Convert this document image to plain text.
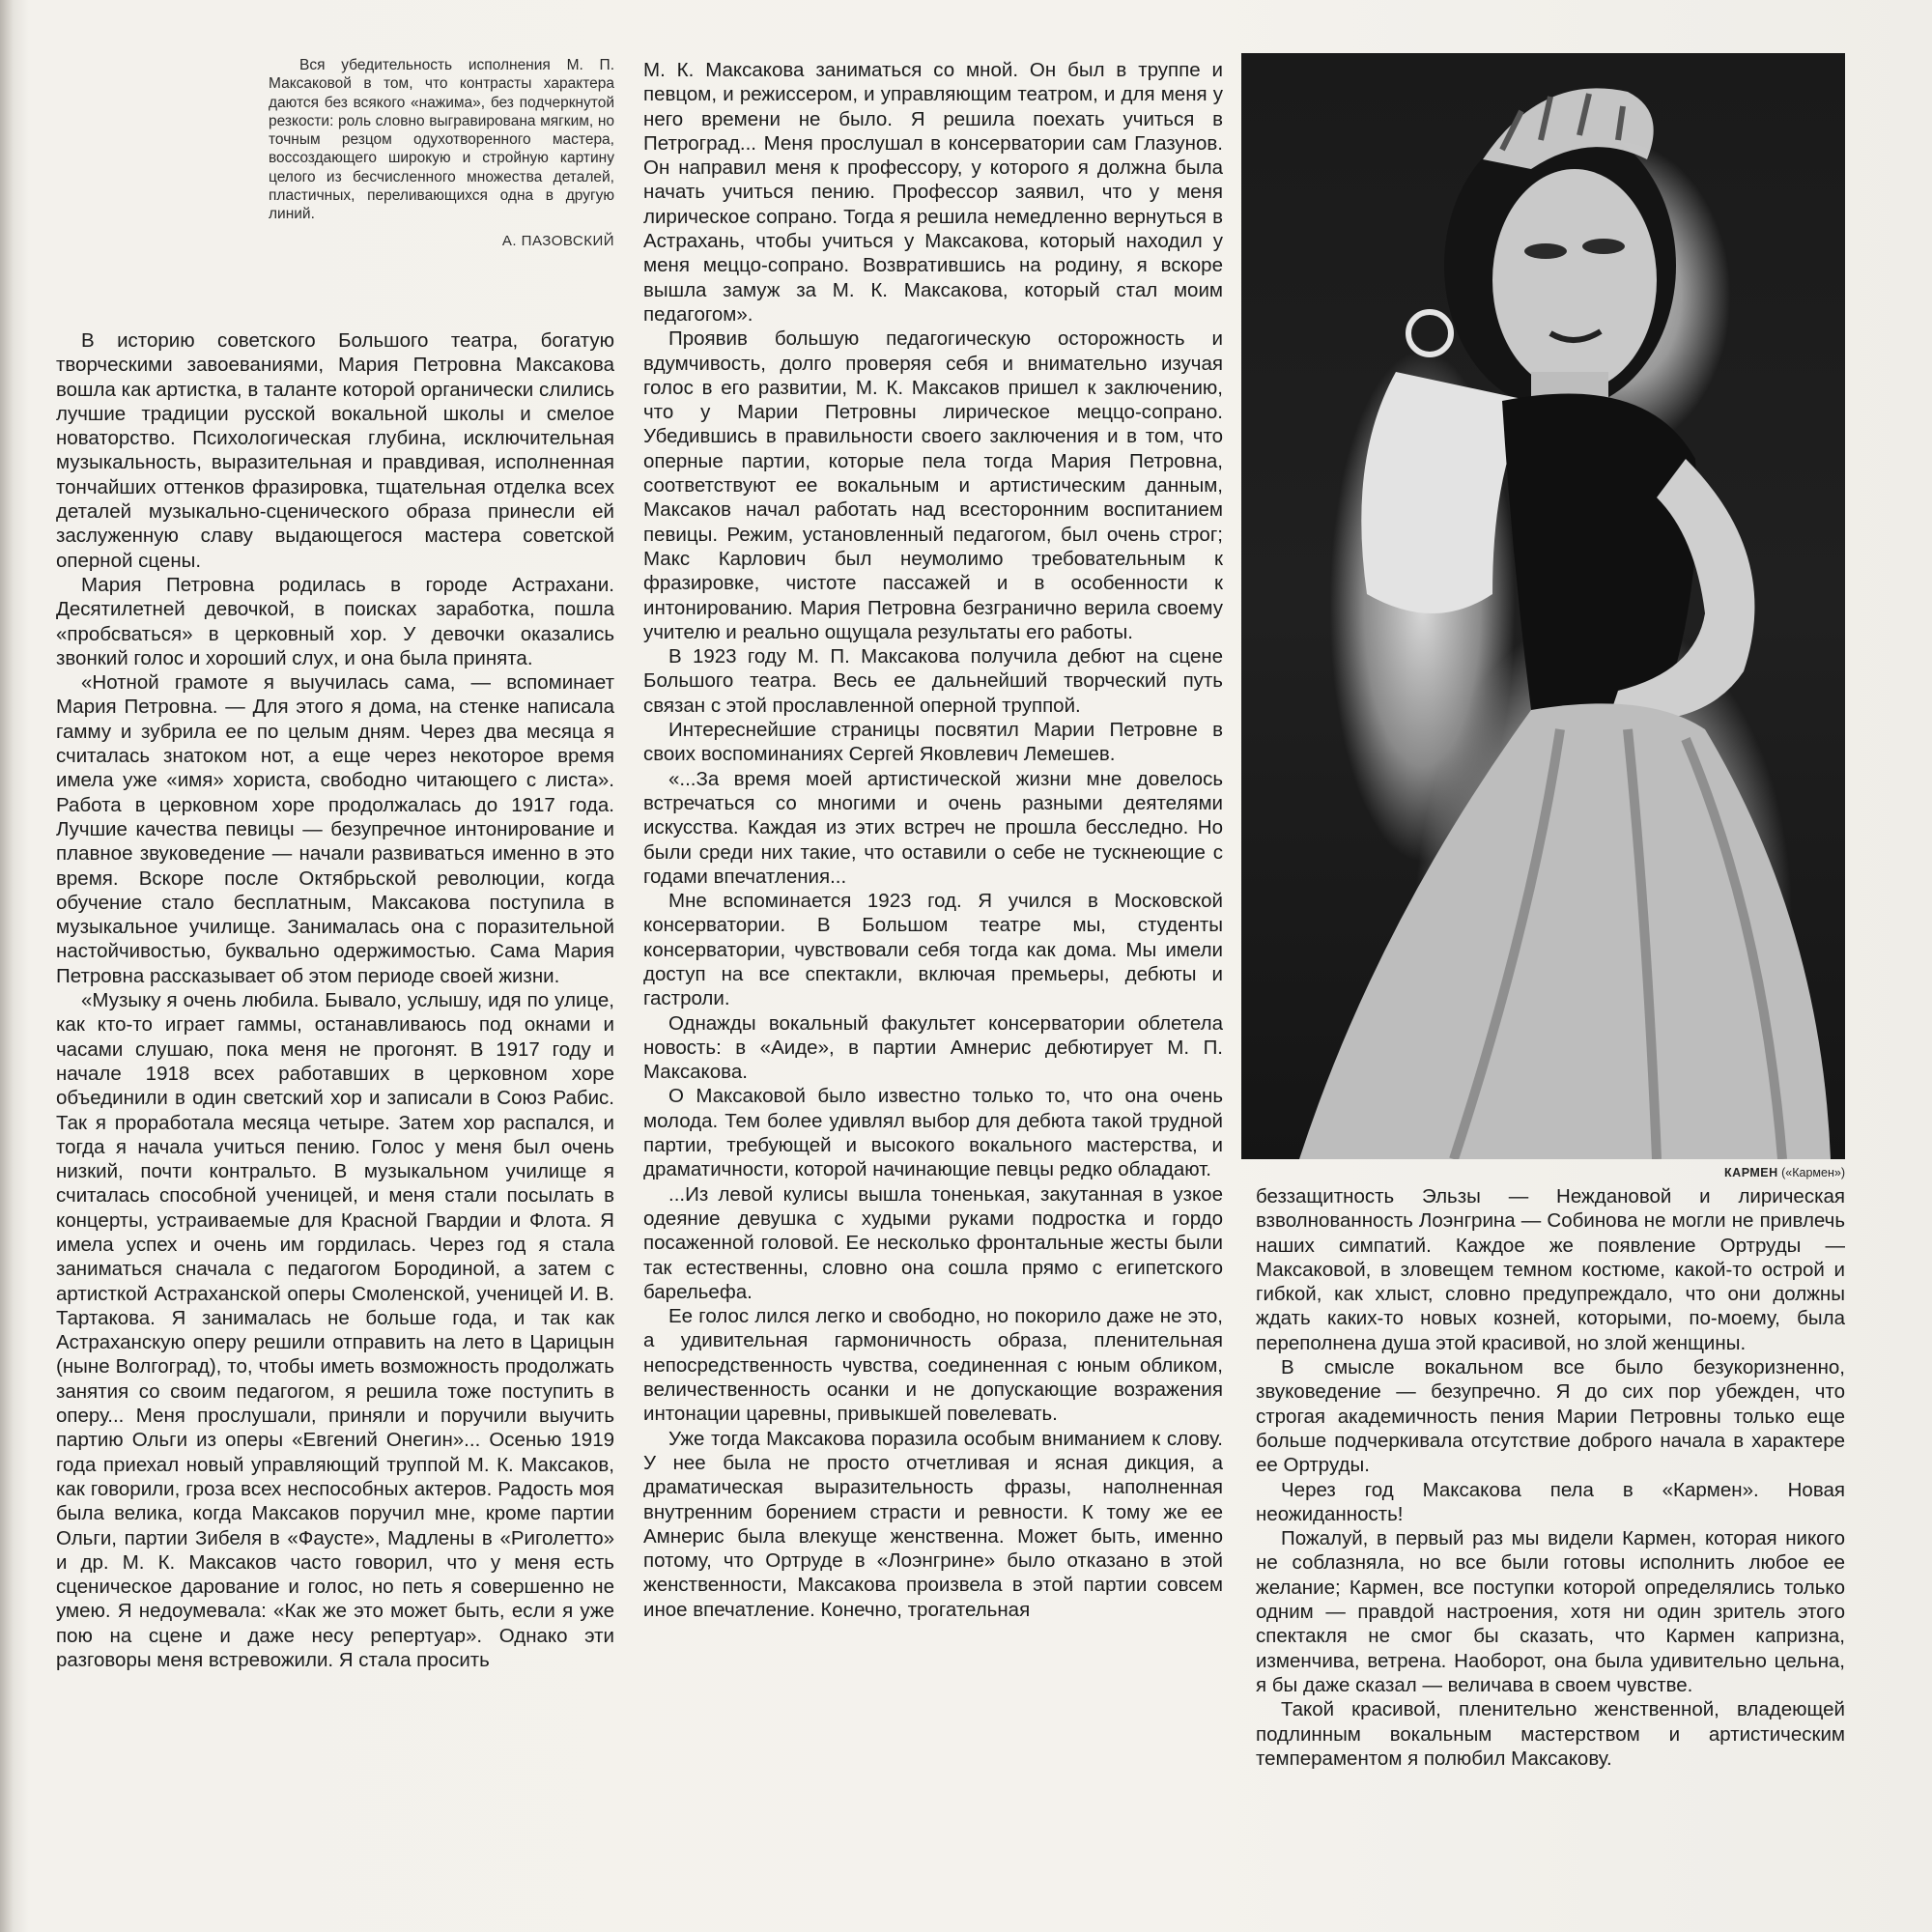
Вся убедительность исполнения М. П. Максаковой в том, что контрасты характера даются без всякого «нажима», без подчеркнутой резкости: роль словно выгравирована мягким, но точным резцом одухотворенного мастера, воссоздающего широкую и стройную картину целого из бесчисленного множества деталей, пластичных, переливающихся одна в другую линий.

А. ПАЗОВСКИЙ

В историю советского Большого театра, богатую творческими завоеваниями, Мария Петровна Максакова вошла как артистка, в таланте которой органически слились лучшие традиции русской вокальной школы и смелое новаторство. Психологическая глубина, исключительная музыкальность, выразительная и правдивая, исполненная тончайших оттенков фразировка, тщательная отделка всех деталей музыкально-сценического образа принесли ей заслуженную славу выдающегося мастера советской оперной сцены.

Мария Петровна родилась в городе Астрахани. Десятилетней девочкой, в поисках заработка, пошла «пробсваться» в церковный хор. У девочки оказались звонкий голос и хороший слух, и она была принята.

«Нотной грамоте я выучилась сама, — вспоминает Мария Петровна. — Для этого я дома, на стенке написала гамму и зубрила ее по целым дням. Через два месяца я считалась знатоком нот, а еще через некоторое время имела уже «имя» хориста, свободно читающего с листа». Работа в церковном хоре продолжалась до 1917 года. Лучшие качества певицы — безупречное интонирование и плавное звуковедение — начали развиваться именно в это время. Вскоре после Октябрьской революции, когда обучение стало бесплатным, Максакова поступила в музыкальное училище. Занималась она с поразительной настойчивостью, буквально одержимостью. Сама Мария Петровна рассказывает об этом периоде своей жизни.

«Музыку я очень любила. Бывало, услышу, идя по улице, как кто-то играет гаммы, останавливаюсь под окнами и часами слушаю, пока меня не прогонят. В 1917 году и начале 1918 всех работавших в церковном хоре объединили в один светский хор и записали в Союз Рабис. Так я проработала месяца четыре. Затем хор распался, и тогда я начала учиться пению. Голос у меня был очень низкий, почти контральто. В музыкальном училище я считалась способной ученицей, и меня стали посылать в концерты, устраиваемые для Красной Гвардии и Флота. Я имела успех и очень им гордилась. Через год я стала заниматься сначала с педагогом Бородиной, а затем с артисткой Астраханской оперы Смоленской, ученицей И. В. Тартакова. Я занималась не больше года, и так как Астраханскую оперу решили отправить на лето в Царицын (ныне Волгоград), то, чтобы иметь возможность продолжать занятия со своим педагогом, я решила тоже поступить в оперу... Меня прослушали, приняли и поручили выучить партию Ольги из оперы «Евгений Онегин»... Осенью 1919 года приехал новый управляющий труппой М. К. Максаков, как говорили, гроза всех неспособных актеров. Радость моя была велика, когда Максаков поручил мне, кроме партии Ольги, партии Зибеля в «Фаусте», Мадлены в «Риголетто» и др. М. К. Максаков часто говорил, что у меня есть сценическое дарование и голос, но петь я совершенно не умею. Я недоумевала: «Как же это может быть, если я уже пою на сцене и даже несу репертуар». Однако эти разговоры меня встревожили. Я стала просить

М. К. Максакова заниматься со мной. Он был в труппе и певцом, и режиссером, и управляющим театром, и для меня у него времени не было. Я решила поехать учиться в Петроград... Меня прослушал в консерватории сам Глазунов. Он направил меня к профессору, у которого я должна была начать учиться пению. Профессор заявил, что у меня лирическое сопрано. Тогда я решила немедленно вернуться в Астрахань, чтобы учиться у Максакова, который находил у меня меццо-сопрано. Возвратившись на родину, я вскоре вышла замуж за М. К. Максакова, который стал моим педагогом».

Проявив большую педагогическую осторожность и вдумчивость, долго проверяя себя и внимательно изучая голос в его развитии, М. К. Максаков пришел к заключению, что у Марии Петровны лирическое меццо-сопрано. Убедившись в правильности своего заключения и в том, что оперные партии, которые пела тогда Мария Петровна, соответствуют ее вокальным и артистическим данным, Максаков начал работать над всесторонним воспитанием певицы. Режим, установленный педагогом, был очень строг; Макс Карлович был неумолимо требовательным к фразировке, чистоте пассажей и в особенности к интонированию. Мария Петровна безгранично верила своему учителю и реально ощущала результаты его работы.

В 1923 году М. П. Максакова получила дебют на сцене Большого театра. Весь ее дальнейший творческий путь связан с этой прославленной оперной труппой.

Интереснейшие страницы посвятил Марии Петровне в своих воспоминаниях Сергей Яковлевич Лемешев.

«...За время моей артистической жизни мне довелось встречаться со многими и очень разными деятелями искусства. Каждая из этих встреч не прошла бесследно. Но были среди них такие, что оставили о себе не тускнеющие с годами впечатления...

Мне вспоминается 1923 год. Я учился в Московской консерватории. В Большом театре мы, студенты консерватории, чувствовали себя тогда как дома. Мы имели доступ на все спектакли, включая премьеры, дебюты и гастроли.

Однажды вокальный факультет консерватории облетела новость: в «Аиде», в партии Амнерис дебютирует М. П. Максакова.

О Максаковой было известно только то, что она очень молода. Тем более удивлял выбор для дебюта такой трудной партии, требующей и высокого вокального мастерства, и драматичности, которой начинающие певцы редко обладают.

...Из левой кулисы вышла тоненькая, закутанная в узкое одеяние девушка с худыми руками подростка и гордо посаженной головой. Ее несколько фронтальные жесты были так естественны, словно она сошла прямо с египетского барельефа.

Ее голос лился легко и свободно, но покорило даже не это, а удивительная гармоничность образа, пленительная непосредственность чувства, соединенная с юным обликом, величественность осанки и не допускающие возражения интонации царевны, привыкшей повелевать.

Уже тогда Максакова поразила особым вниманием к слову. У нее была не просто отчетливая и ясная дикция, а драматическая выразительность фразы, наполненная внутренним борением страсти и ревности. К тому же ее Амнерис была влекуще женственна. Может быть, именно потому, что Ортруде в «Лоэнгрине» было отказано в этой женственности, Максакова произвела в этой партии совсем иное впечатление. Конечно, трогательная

КАРМЕН («Кармен»)

беззащитность Эльзы — Неждановой и лирическая взволнованность Лоэнгрина — Собинова не могли не привлечь наших симпатий. Каждое же появление Ортруды — Максаковой, в зловещем темном костюме, какой-то острой и гибкой, как хлыст, словно предупреждало, что они должны ждать каких-то новых козней, которыми, по-моему, была переполнена душа этой красивой, но злой женщины.

В смысле вокальном все было безукоризненно, звуковедение — безупречно. Я до сих пор убежден, что строгая академичность пения Марии Петровны только еще больше подчеркивала отсутствие доброго начала в характере ее Ортруды.

Через год Максакова пела в «Кармен». Новая неожиданность!

Пожалуй, в первый раз мы видели Кармен, которая никого не соблазняла, но все были готовы исполнить любое ее желание; Кармен, все поступки которой определялись только одним — правдой настроения, хотя ни один зритель этого спектакля не смог бы сказать, что Кармен капризна, изменчива, ветрена. Наоборот, она была удивительно цельна, я бы даже сказал — величава в своем чувстве.

Такой красивой, пленительно женственной, владеющей подлинным вокальным мастерством и артистическим темпераментом я полюбил Максакову.
